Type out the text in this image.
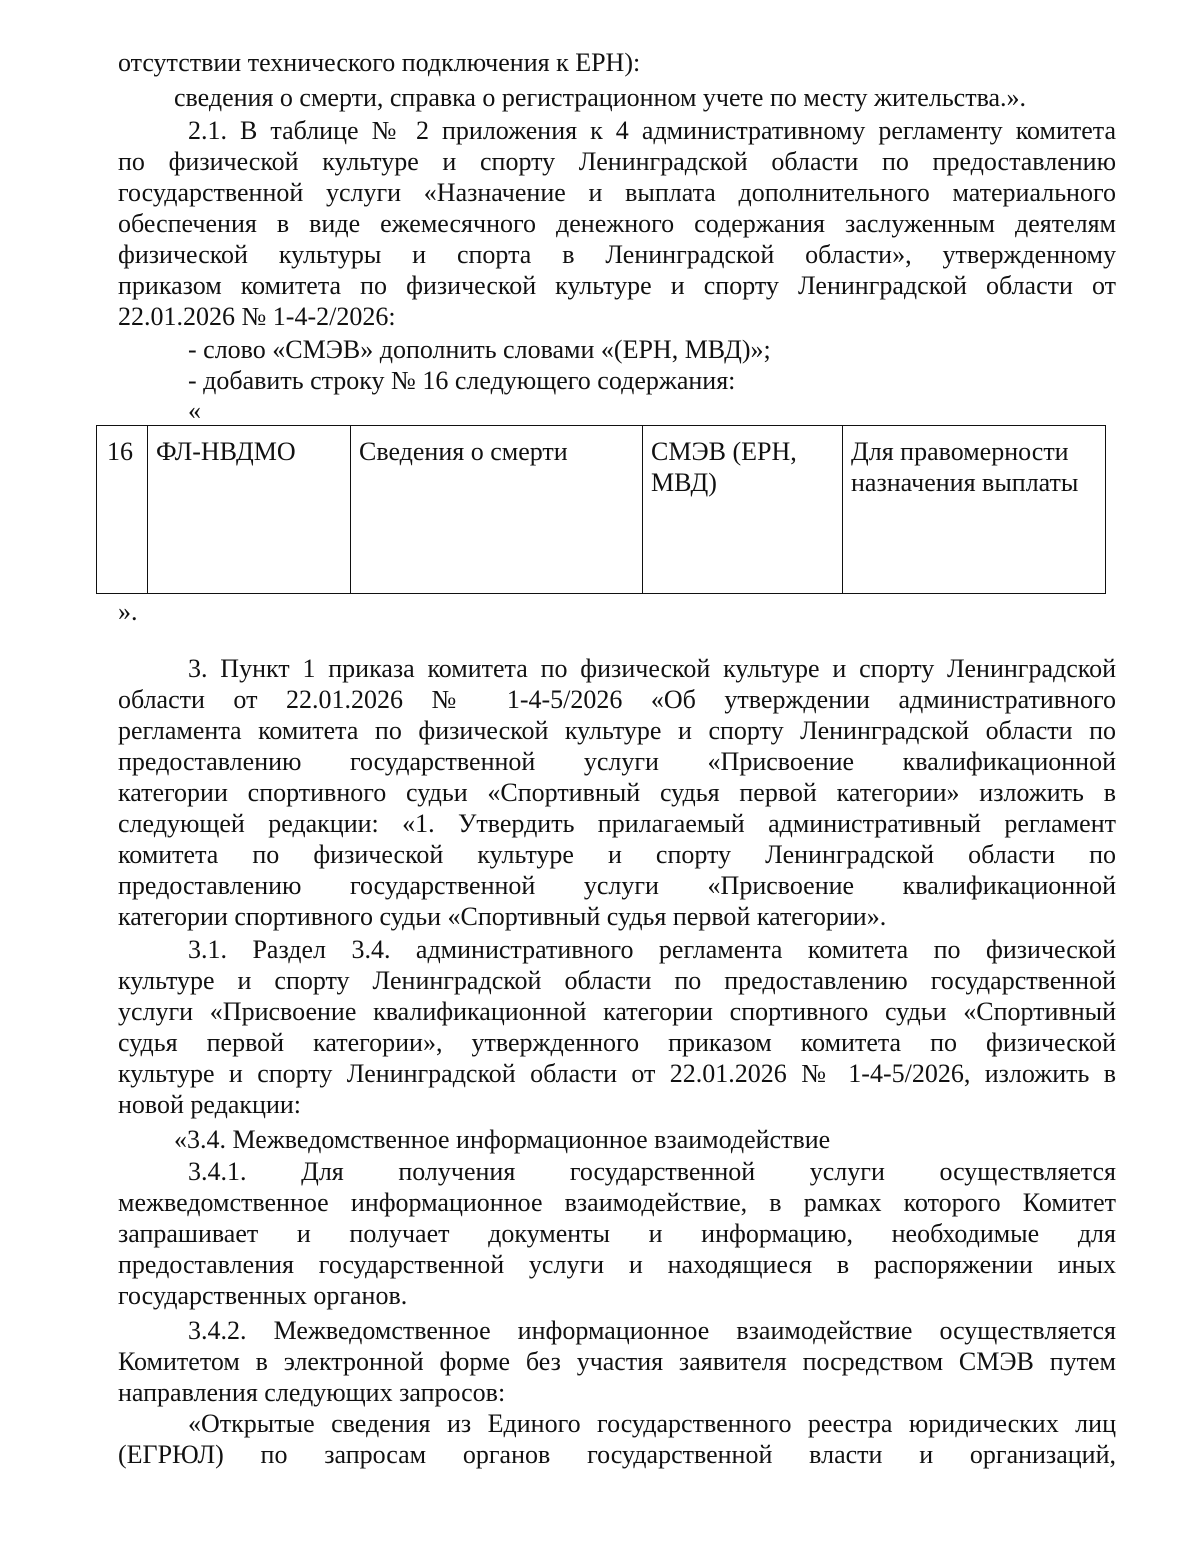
отсутствии технического подключения к ЕРН):
сведения о смерти, справка о регистрационном учете по месту жительства.».
2.1. В таблице № 2 приложения к 4 административному регламенту комитета
по физической культуре и спорту Ленинградской области по предоставлению
государственной услуги «Назначение и выплата дополнительного материального
обеспечения в виде ежемесячного денежного содержания заслуженным деятелям
физической культуры и спорта в Ленинградской области», утвержденному
приказом комитета по физической культуре и спорту Ленинградской области от
22.01.2026 № 1-4-2/2026:
- слово «СМЭВ» дополнить словами «(ЕРН, МВД)»;
- добавить строку № 16 следующего содержания:
«
16	ФЛ-НВДМО	Сведения о смерти	СМЭВ (ЕРН, МВД)	Для правомерности назначения выплаты
».
3. Пункт 1 приказа комитета по физической культуре и спорту Ленинградской
области от 22.01.2026 № 1-4-5/2026 «Об утверждении административного
регламента комитета по физической культуре и спорту Ленинградской области по
предоставлению государственной услуги «Присвоение квалификационной
категории спортивного судьи «Спортивный судья первой категории» изложить в
следующей редакции: «1. Утвердить прилагаемый административный регламент
комитета по физической культуре и спорту Ленинградской области по
предоставлению государственной услуги «Присвоение квалификационной
категории спортивного судьи «Спортивный судья первой категории».
3.1. Раздел 3.4. административного регламента комитета по физической
культуре и спорту Ленинградской области по предоставлению государственной
услуги «Присвоение квалификационной категории спортивного судьи «Спортивный
судья первой категории», утвержденного приказом комитета по физической
культуре и спорту Ленинградской области от 22.01.2026 № 1-4-5/2026, изложить в
новой редакции:
«3.4. Межведомственное информационное взаимодействие
3.4.1. Для получения государственной услуги осуществляется
межведомственное информационное взаимодействие, в рамках которого Комитет
запрашивает и получает документы и информацию, необходимые для
предоставления государственной услуги и находящиеся в распоряжении иных
государственных органов.
3.4.2. Межведомственное информационное взаимодействие осуществляется
Комитетом в электронной форме без участия заявителя посредством СМЭВ путем
направления следующих запросов:
«Открытые сведения из Единого государственного реестра юридических лиц
(ЕГРЮЛ) по запросам органов государственной власти и организаций,
